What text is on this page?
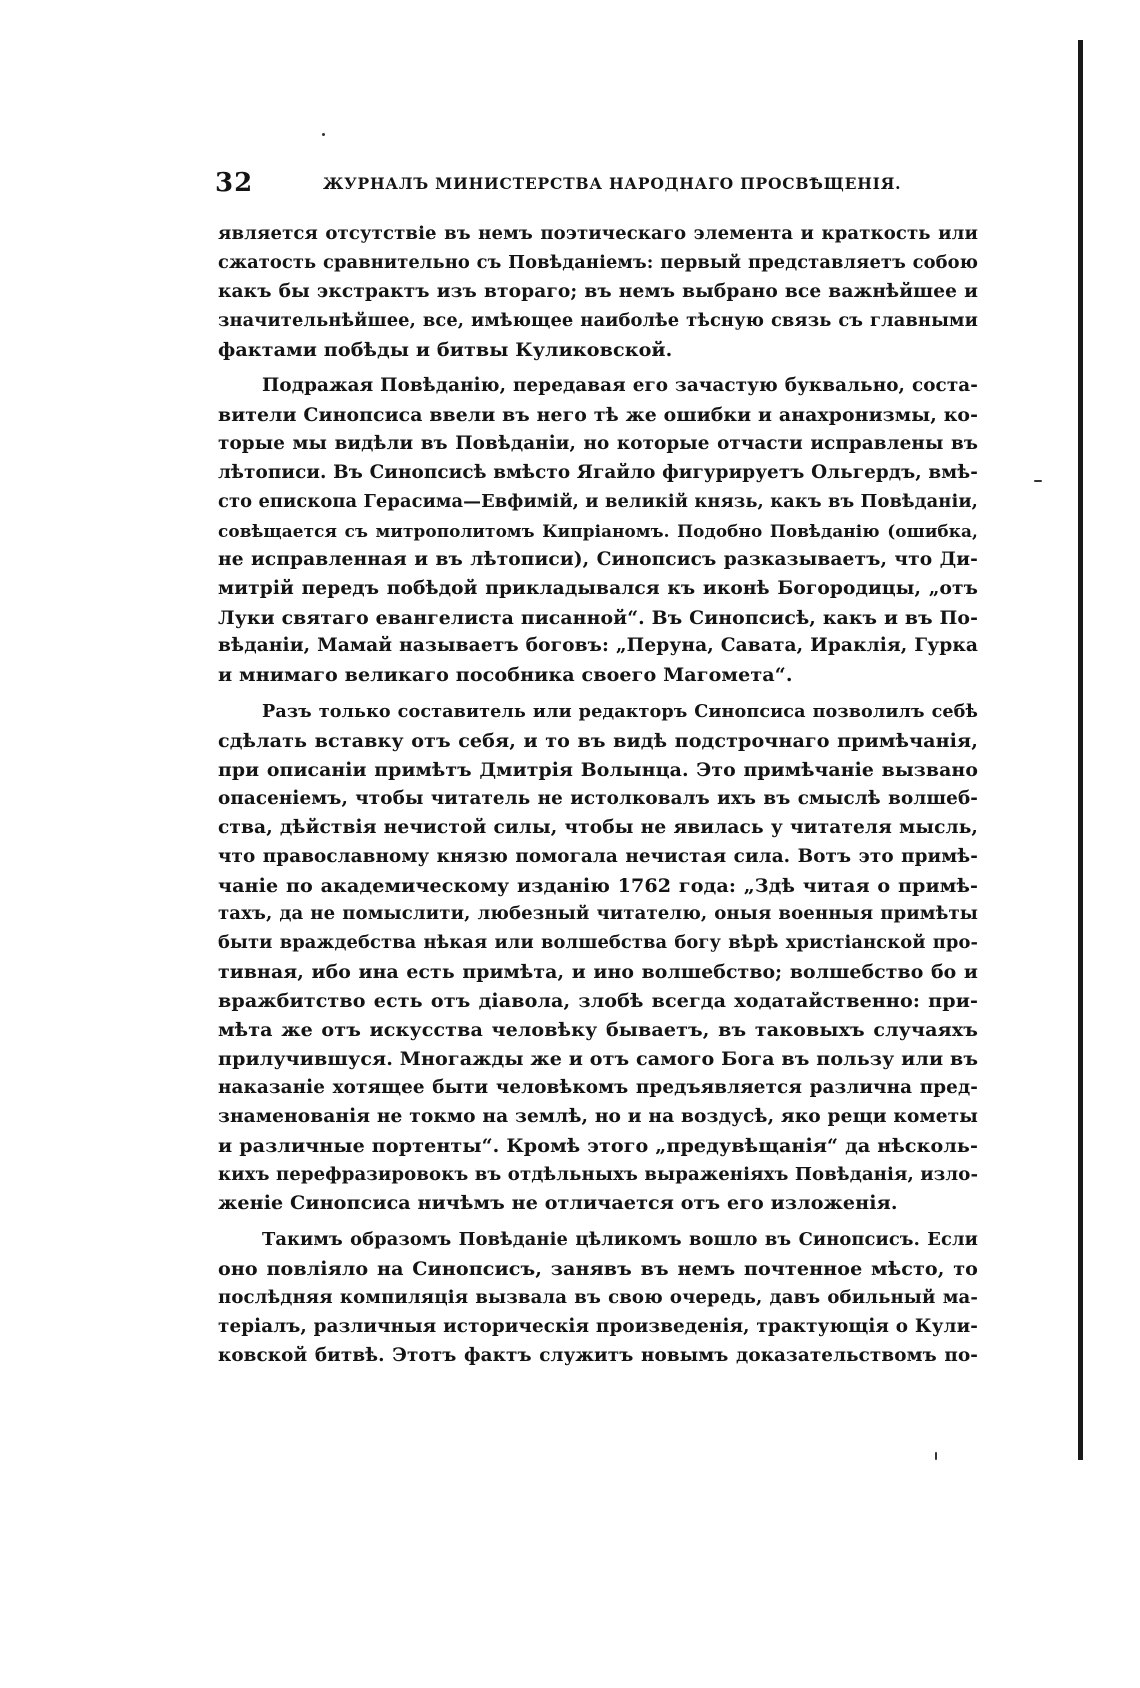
32	ЖУРНАЛЪ МИНИСТЕРСТВА НАРОДНАГО ПРОСВѢЩЕНІЯ.
является отсутствіе въ немъ поэтическаго элемента и краткость или
сжатость сравнительно съ Повѣданіемъ: первый представляетъ собою
какъ бы экстрактъ изъ втораго; въ немъ выбрано все важнѣйшее и
значительнѣйшее, все, имѣющее наиболѣе тѣсную связь съ главными
фактами побѣды и битвы Куликовской.
Подражая Повѣданію, передавая его зачастую буквально, соста-
вители Синопсиса ввели въ него тѣ же ошибки и анахронизмы, ко-
торые мы видѣли въ Повѣданіи, но которые отчасти исправлены въ
лѣтописи. Въ Синопсисѣ вмѣсто Ягайло фигурируетъ Ольгердъ, вмѣ-
сто епископа Герасима—Евфимій, и великій князь, какъ въ Повѣданіи,
совѣщается съ митрополитомъ Кипріаномъ. Подобно Повѣданію (ошибка,
не исправленная и въ лѣтописи), Синопсисъ разказываетъ, что Ди-
митрій передъ побѣдой прикладывался къ иконѣ Богородицы, „отъ
Луки святаго евангелиста писанной“. Въ Синопсисѣ, какъ и въ По-
вѣданіи, Мамай называетъ боговъ: „Перуна, Савата, Ираклія, Гурка
и мнимаго великаго пособника своего Магомета“.
Разъ только составитель или редакторъ Синопсиса позволилъ себѣ
сдѣлать вставку отъ себя, и то въ видѣ подстрочнаго примѣчанія,
при описаніи примѣтъ Дмитрія Волынца. Это примѣчаніе вызвано
опасеніемъ, чтобы читатель не истолковалъ ихъ въ смыслѣ волшеб-
ства, дѣйствія нечистой силы, чтобы не явилась у читателя мысль,
что православному князю помогала нечистая сила. Вотъ это примѣ-
чаніе по академическому изданію 1762 года: „Здѣ читая о примѣ-
тахъ, да не помыслити, любезный читателю, оныя военныя примѣты
быти враждебства нѣкая или волшебства богу вѣрѣ христіанской про-
тивная, ибо ина есть примѣта, и ино волшебство; волшебство бо и
вражбитство есть отъ діавола, злобѣ всегда ходатайственно: при-
мѣта же отъ искусства человѣку бываетъ, въ таковыхъ случаяхъ
прилучившуся. Многажды же и отъ самого Бога въ пользу или въ
наказаніе хотящее быти человѣкомъ предъявляется различна пред-
знаменованія не токмо на землѣ, но и на воздусѣ, яко рещи кометы
и различные портенты“. Кромѣ этого „предувѣщанія“ да нѣсколь-
кихъ перефразировокъ въ отдѣльныхъ выраженіяхъ Повѣданія, изло-
женіе Синопсиса ничѣмъ не отличается отъ его изложенія.
Такимъ образомъ Повѣданіе цѣликомъ вошло въ Синопсисъ. Если
оно повліяло на Синопсисъ, занявъ въ немъ почтенное мѣсто, то
послѣдняя компиляція вызвала въ свою очередь, давъ обильный ма-
теріалъ, различныя историческія произведенія, трактующія о Кули-
ковской битвѣ. Этотъ фактъ служитъ новымъ доказательствомъ по-
